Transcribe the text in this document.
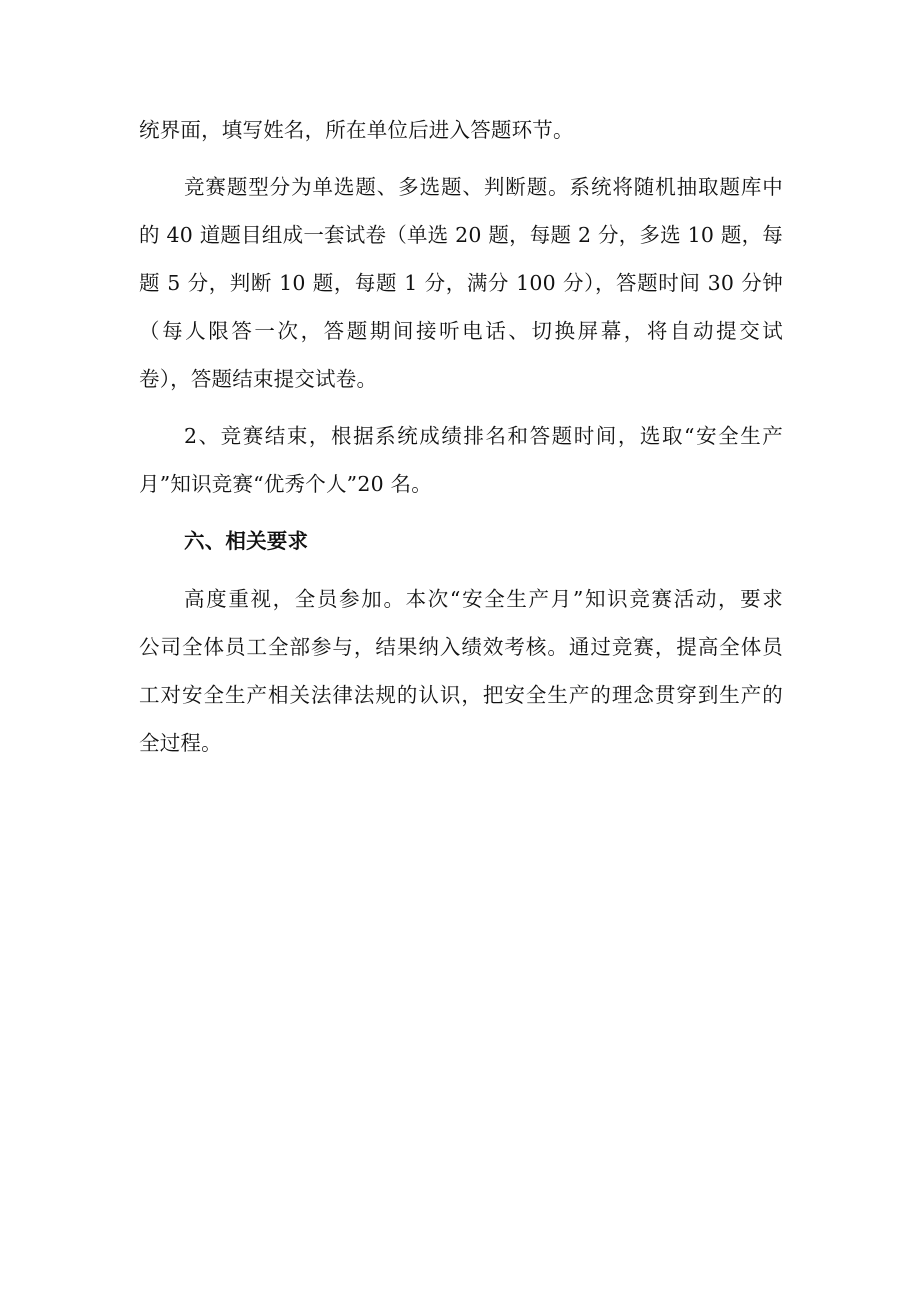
统界面，填写姓名，所在单位后进入答题环节。
竞赛题型分为单选题、多选题、判断题。系统将随机抽取题库中
的 40 道题目组成一套试卷（单选 20 题，每题 2 分，多选 10 题，每
题 5 分，判断 10 题，每题 1 分，满分 100 分），答题时间 30 分钟
（每人限答一次，答题期间接听电话、切换屏幕，将自动提交试
卷），答题结束提交试卷。
2、竞赛结束，根据系统成绩排名和答题时间，选取“安全生产
月”知识竞赛“优秀个人”20 名。
六、相关要求
高度重视，全员参加。本次“安全生产月”知识竞赛活动，要求
公司全体员工全部参与，结果纳入绩效考核。通过竞赛，提高全体员
工对安全生产相关法律法规的认识，把安全生产的理念贯穿到生产的
全过程。
